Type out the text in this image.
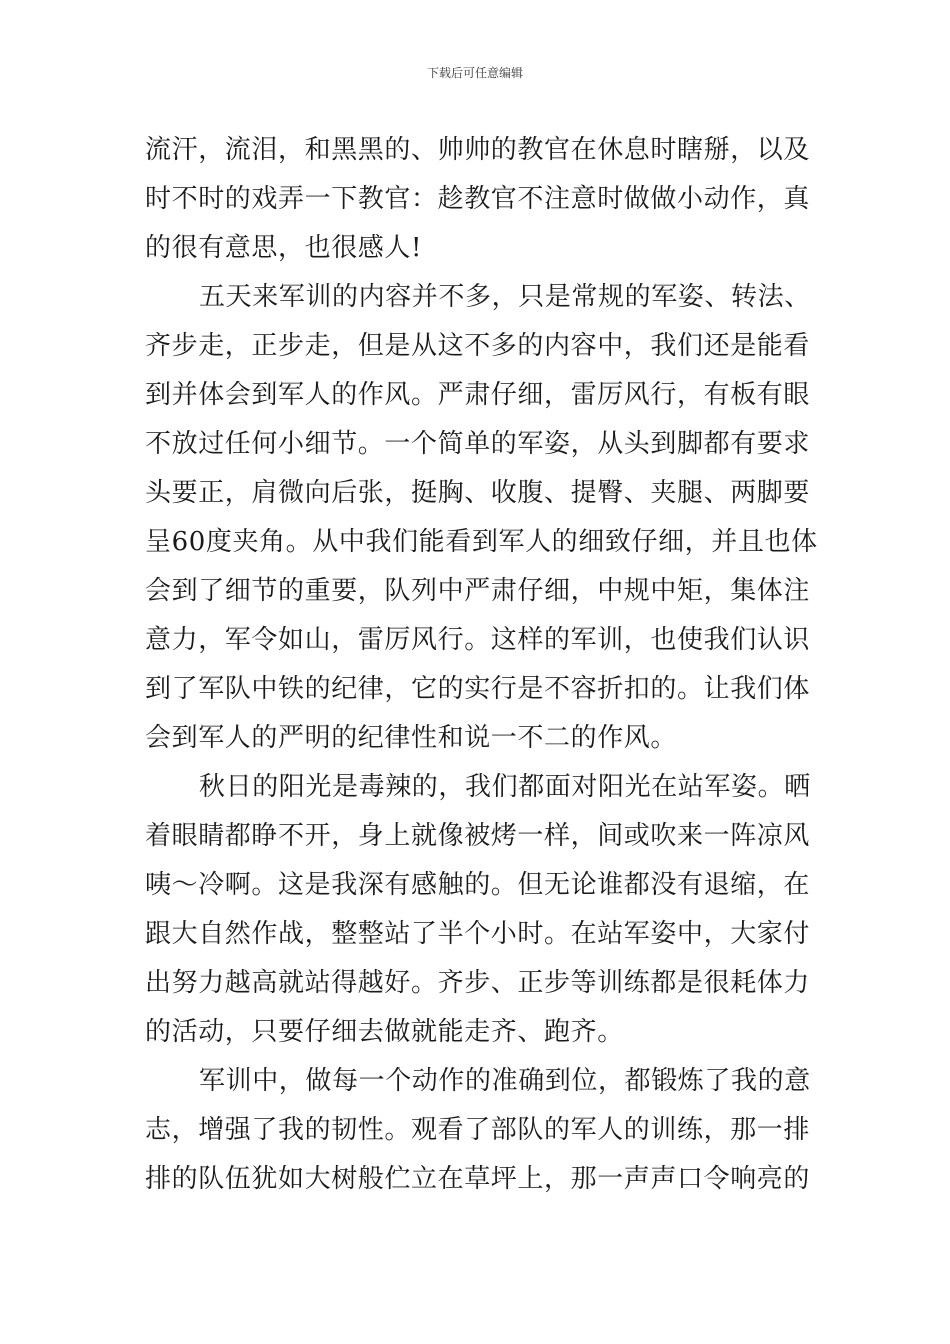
下载后可任意编辑
流汗，流泪，和黑黑的、帅帅的教官在休息时瞎掰，以及
时不时的戏弄一下教官：趁教官不注意时做做小动作，真
的很有意思，也很感人!
五天来军训的内容并不多，只是常规的军姿、转法、
齐步走，正步走，但是从这不多的内容中，我们还是能看
到并体会到军人的作风。严肃仔细，雷厉风行，有板有眼
不放过任何小细节。一个简单的军姿，从头到脚都有要求
头要正，肩微向后张，挺胸、收腹、提臀、夹腿、两脚要
呈60度夹角。从中我们能看到军人的细致仔细，并且也体
会到了细节的重要，队列中严肃仔细，中规中矩，集体注
意力，军令如山，雷厉风行。这样的军训，也使我们认识
到了军队中铁的纪律，它的实行是不容折扣的。让我们体
会到军人的严明的纪律性和说一不二的作风。
秋日的阳光是毒辣的，我们都面对阳光在站军姿。晒
着眼睛都睁不开，身上就像被烤一样，间或吹来一阵凉风
咦～冷啊。这是我深有感触的。但无论谁都没有退缩，在
跟大自然作战，整整站了半个小时。在站军姿中，大家付
出努力越高就站得越好。齐步、正步等训练都是很耗体力
的活动，只要仔细去做就能走齐、跑齐。
军训中，做每一个动作的准确到位，都锻炼了我的意
志，增强了我的韧性。观看了部队的军人的训练，那一排
排的队伍犹如大树般伫立在草坪上，那一声声口令响亮的
